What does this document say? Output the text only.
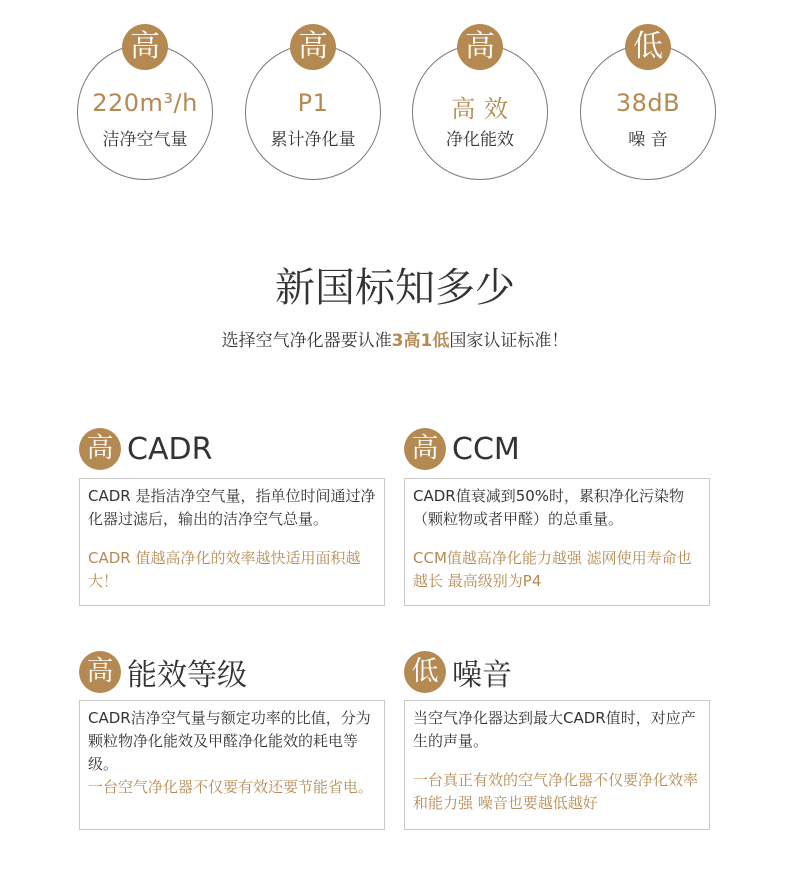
220m³/h
洁净空气量
高
P1
累计净化量
高
高 效
净化能效
高
38dB
噪 音
低
新国标知多少
选择空气净化器要认准3高1低国家认证标准！
高 CADR
CADR 是指洁净空气量，指单位时间通过净化器过滤后，输出的洁净空气总量。
CADR 值越高净化的效率越快适用面积越大！
高 CCM
CADR值衰减到50%时，累积净化污染物（颗粒物或者甲醛）的总重量。
CCM值越高净化能力越强 滤网使用寿命也越长 最高级别为P4
高 能效等级
CADR洁净空气量与额定功率的比值，分为颗粒物净化能效及甲醛净化能效的耗电等级。
一台空气净化器不仅要有效还要节能省电。
低 噪音
当空气净化器达到最大CADR值时，对应产生的声量。
一台真正有效的空气净化器不仅要净化效率和能力强 噪音也要越低越好
